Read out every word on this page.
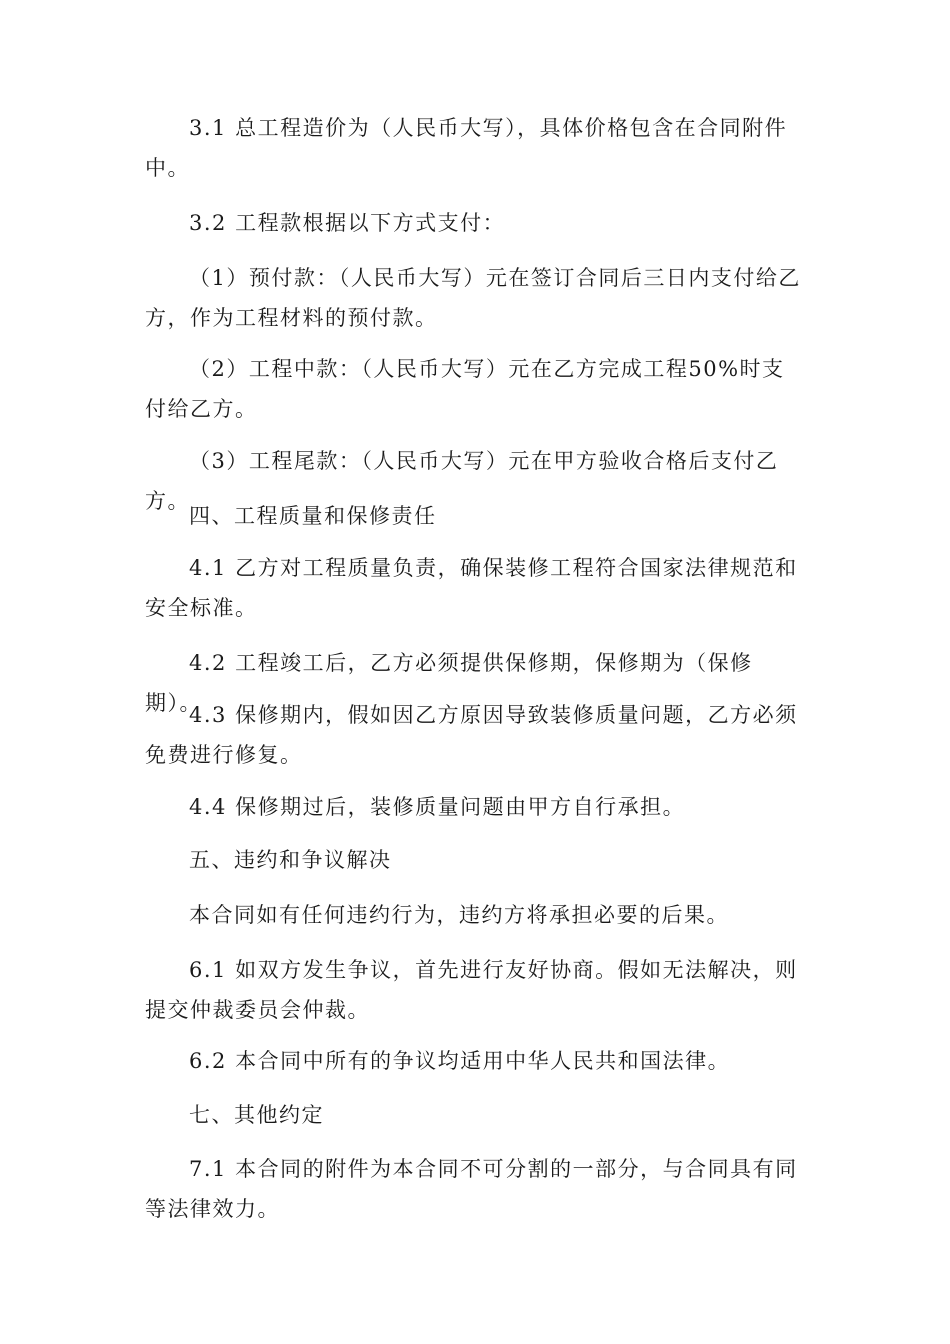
3.1 总工程造价为（人民币大写），具体价格包含在合同附件中。

3.2 工程款根据以下方式支付：

（1）预付款：（人民币大写）元在签订合同后三日内支付给乙方，作为工程材料的预付款。

（2）工程中款：（人民币大写）元在乙方完成工程50%时支付给乙方。

（3）工程尾款：（人民币大写）元在甲方验收合格后支付乙方。

四、工程质量和保修责任

4.1 乙方对工程质量负责，确保装修工程符合国家法律规范和安全标准。

4.2 工程竣工后，乙方必须提供保修期，保修期为（保修期）。

4.3 保修期内，假如因乙方原因导致装修质量问题，乙方必须免费进行修复。

4.4 保修期过后，装修质量问题由甲方自行承担。

五、违约和争议解决

本合同如有任何违约行为，违约方将承担必要的后果。

6.1 如双方发生争议，首先进行友好协商。假如无法解决，则提交仲裁委员会仲裁。

6.2 本合同中所有的争议均适用中华人民共和国法律。

七、其他约定

7.1 本合同的附件为本合同不可分割的一部分，与合同具有同等法律效力。
